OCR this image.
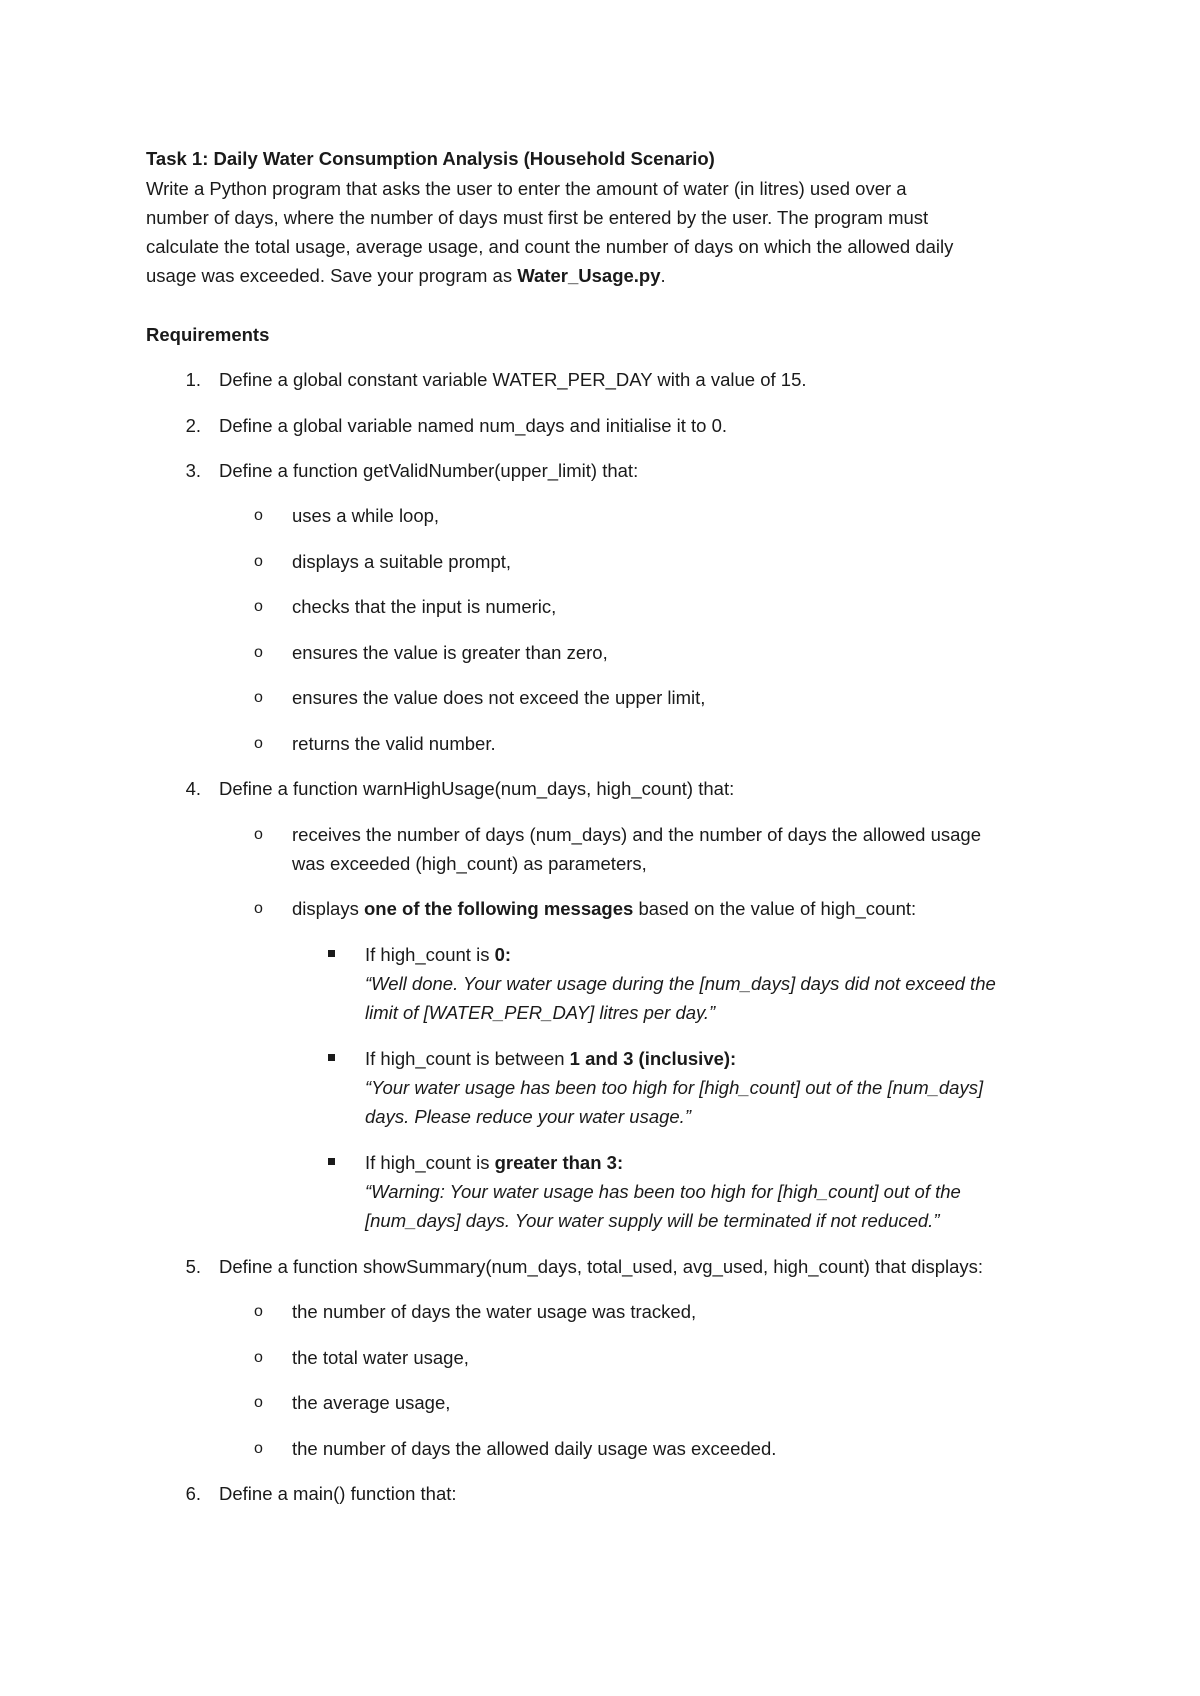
Task 1: Daily Water Consumption Analysis (Household Scenario)
Write a Python program that asks the user to enter the amount of water (in litres) used over a
number of days, where the number of days must first be entered by the user. The program must
calculate the total usage, average usage, and count the number of days on which the allowed daily
usage was exceeded. Save your program as Water_Usage.py.
Requirements
1. Define a global constant variable WATER_PER_DAY with a value of 15.
2. Define a global variable named num_days and initialise it to 0.
3. Define a function getValidNumber(upper_limit) that:
o uses a while loop,
o displays a suitable prompt,
o checks that the input is numeric,
o ensures the value is greater than zero,
o ensures the value does not exceed the upper limit,
o returns the valid number.
4. Define a function warnHighUsage(num_days, high_count) that:
o receives the number of days (num_days) and the number of days the allowed usage
was exceeded (high_count) as parameters,
o displays one of the following messages based on the value of high_count:
If high_count is 0:
“Well done. Your water usage during the [num_days] days did not exceed the
limit of [WATER_PER_DAY] litres per day.”
If high_count is between 1 and 3 (inclusive):
“Your water usage has been too high for [high_count] out of the [num_days]
days. Please reduce your water usage.”
If high_count is greater than 3:
“Warning: Your water usage has been too high for [high_count] out of the
[num_days] days. Your water supply will be terminated if not reduced.”
5. Define a function showSummary(num_days, total_used, avg_used, high_count) that displays:
o the number of days the water usage was tracked,
o the total water usage,
o the average usage,
o the number of days the allowed daily usage was exceeded.
6. Define a main() function that:
